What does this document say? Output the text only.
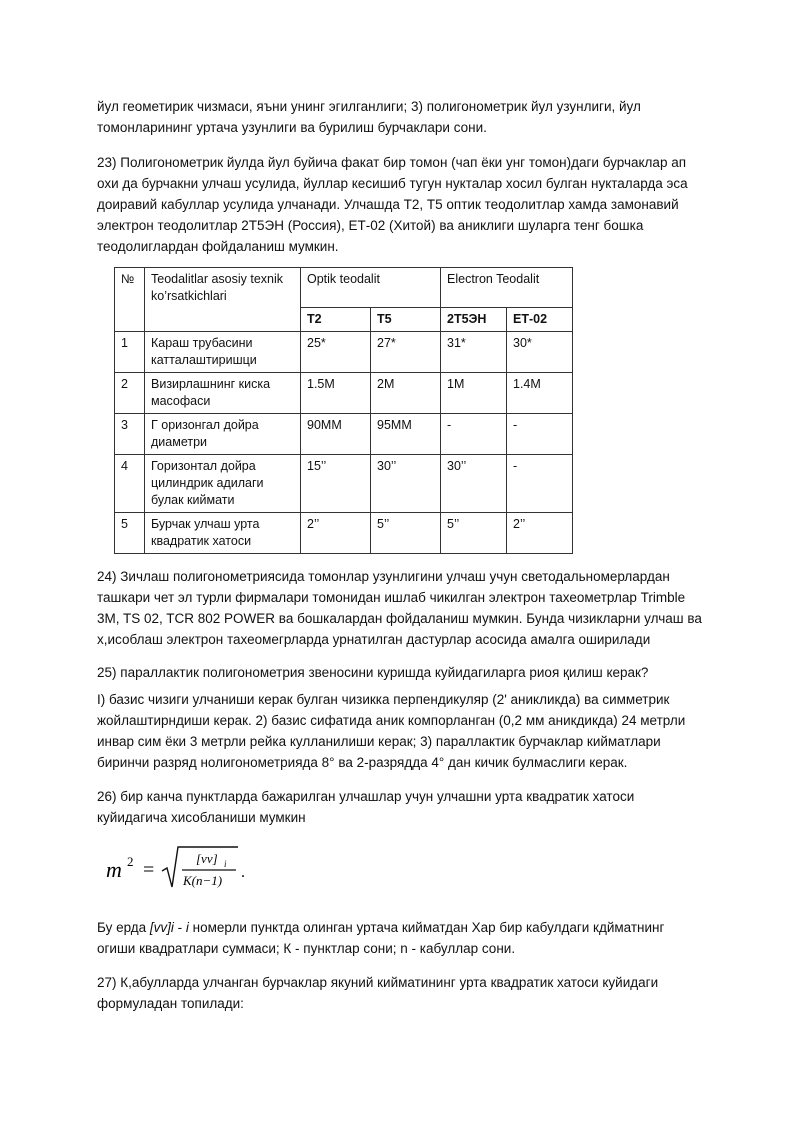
йул геометирик чизмаси, яъни унинг эгилганлиги; 3) полигонометрик йул узунлиги, йул

томонларининг уртача узунлиги ва бурилиш бурчаклари сони.

23) Полигонометрик йулда йул буйича факат бир томон (чап ёки унг томон)даги бурчаклар ап

охи да бурчакни улчаш усулида, йуллар кесишиб тугун нукталар хосил булган нукталарда эса

доиравий кабуллар усулида улчанади. Улчашда Т2, Т5 оптик теодолитлар хамда замонавий

электрон теодолитлар 2Т5ЭН (Россия), ЕТ-02 (Хитой) ва аниклиги шуларга тенг бошка

теодолиглардан фойдаланиш мумкин.

№	Teodalitlar asosiy texnik ko’rsatkichlari	Optik teodalit		Electron Teodalit	
		Т2	Т5	2Т5ЭН	ЕТ-02
1	Караш трубасини катталаштиришци	25*	27*	31*	30*
2	Визирлашнинг киска масофаси	1.5М	2М	1М	1.4М
3	Г оризонгал дойра диаметри	90ММ	95ММ	-	-
4	Горизонтал дойра цилиндрик адилаги булак киймати	15’’	30’’	30’’	-
5	Бурчак улчаш урта квадратик хатоси	2’’	5’’	5’’	2’’

24) Зичлаш полигонометриясида томонлар узунлигини улчаш учун светодальномерлардан

ташкари чет эл турли фирмалари томонидан ишлаб чикилган электрон тахеометрлар Trimble

3M, TS 02, TCR 802 POWER ва бошкалардан фойдаланиш мумкин. Бунда чизикларни улчаш ва

х,исоблаш электрон тахеомегрларда урнатилган дастурлар асосида амалга оширилади

25) параллактик полигонометрия звеносини куришда куйидагиларга риоя қилиш керак?

I) базис чизиги улчаниши керак булган чизикка перпендикуляр (2' аникликда) ва симметрик

жойлаштирндиши керак. 2) базис сифатида аник компорланган (0,2 мм аникдикда) 24 метрли

инвар сим ёки 3 метрли рейка кулланилиши керак; 3) параллактик бурчаклар кийматлари

биринчи разряд нолигонометрияда 8° ва 2-разрядда 4° дан кичик булмаслиги керак.

26) бир канча пунктларда бажарилган улчашлар учун улчашни урта квадратик хатоси

куйидагича хисобланиши мумкин

m 2 =
[vv] i
K(n−1) .

Бу ерда [vv]i - i номерли пунктда олинган уртача кийматдан Хар бир кабулдаги кдйматнинг

огиши квадратлари суммаси; К - пунктлар сони; n - кабуллар сони.

27) К,абулларда улчанган бурчаклар якуний кийматининг урта квадратик хатоси куйидаги

формуладан топилади:
